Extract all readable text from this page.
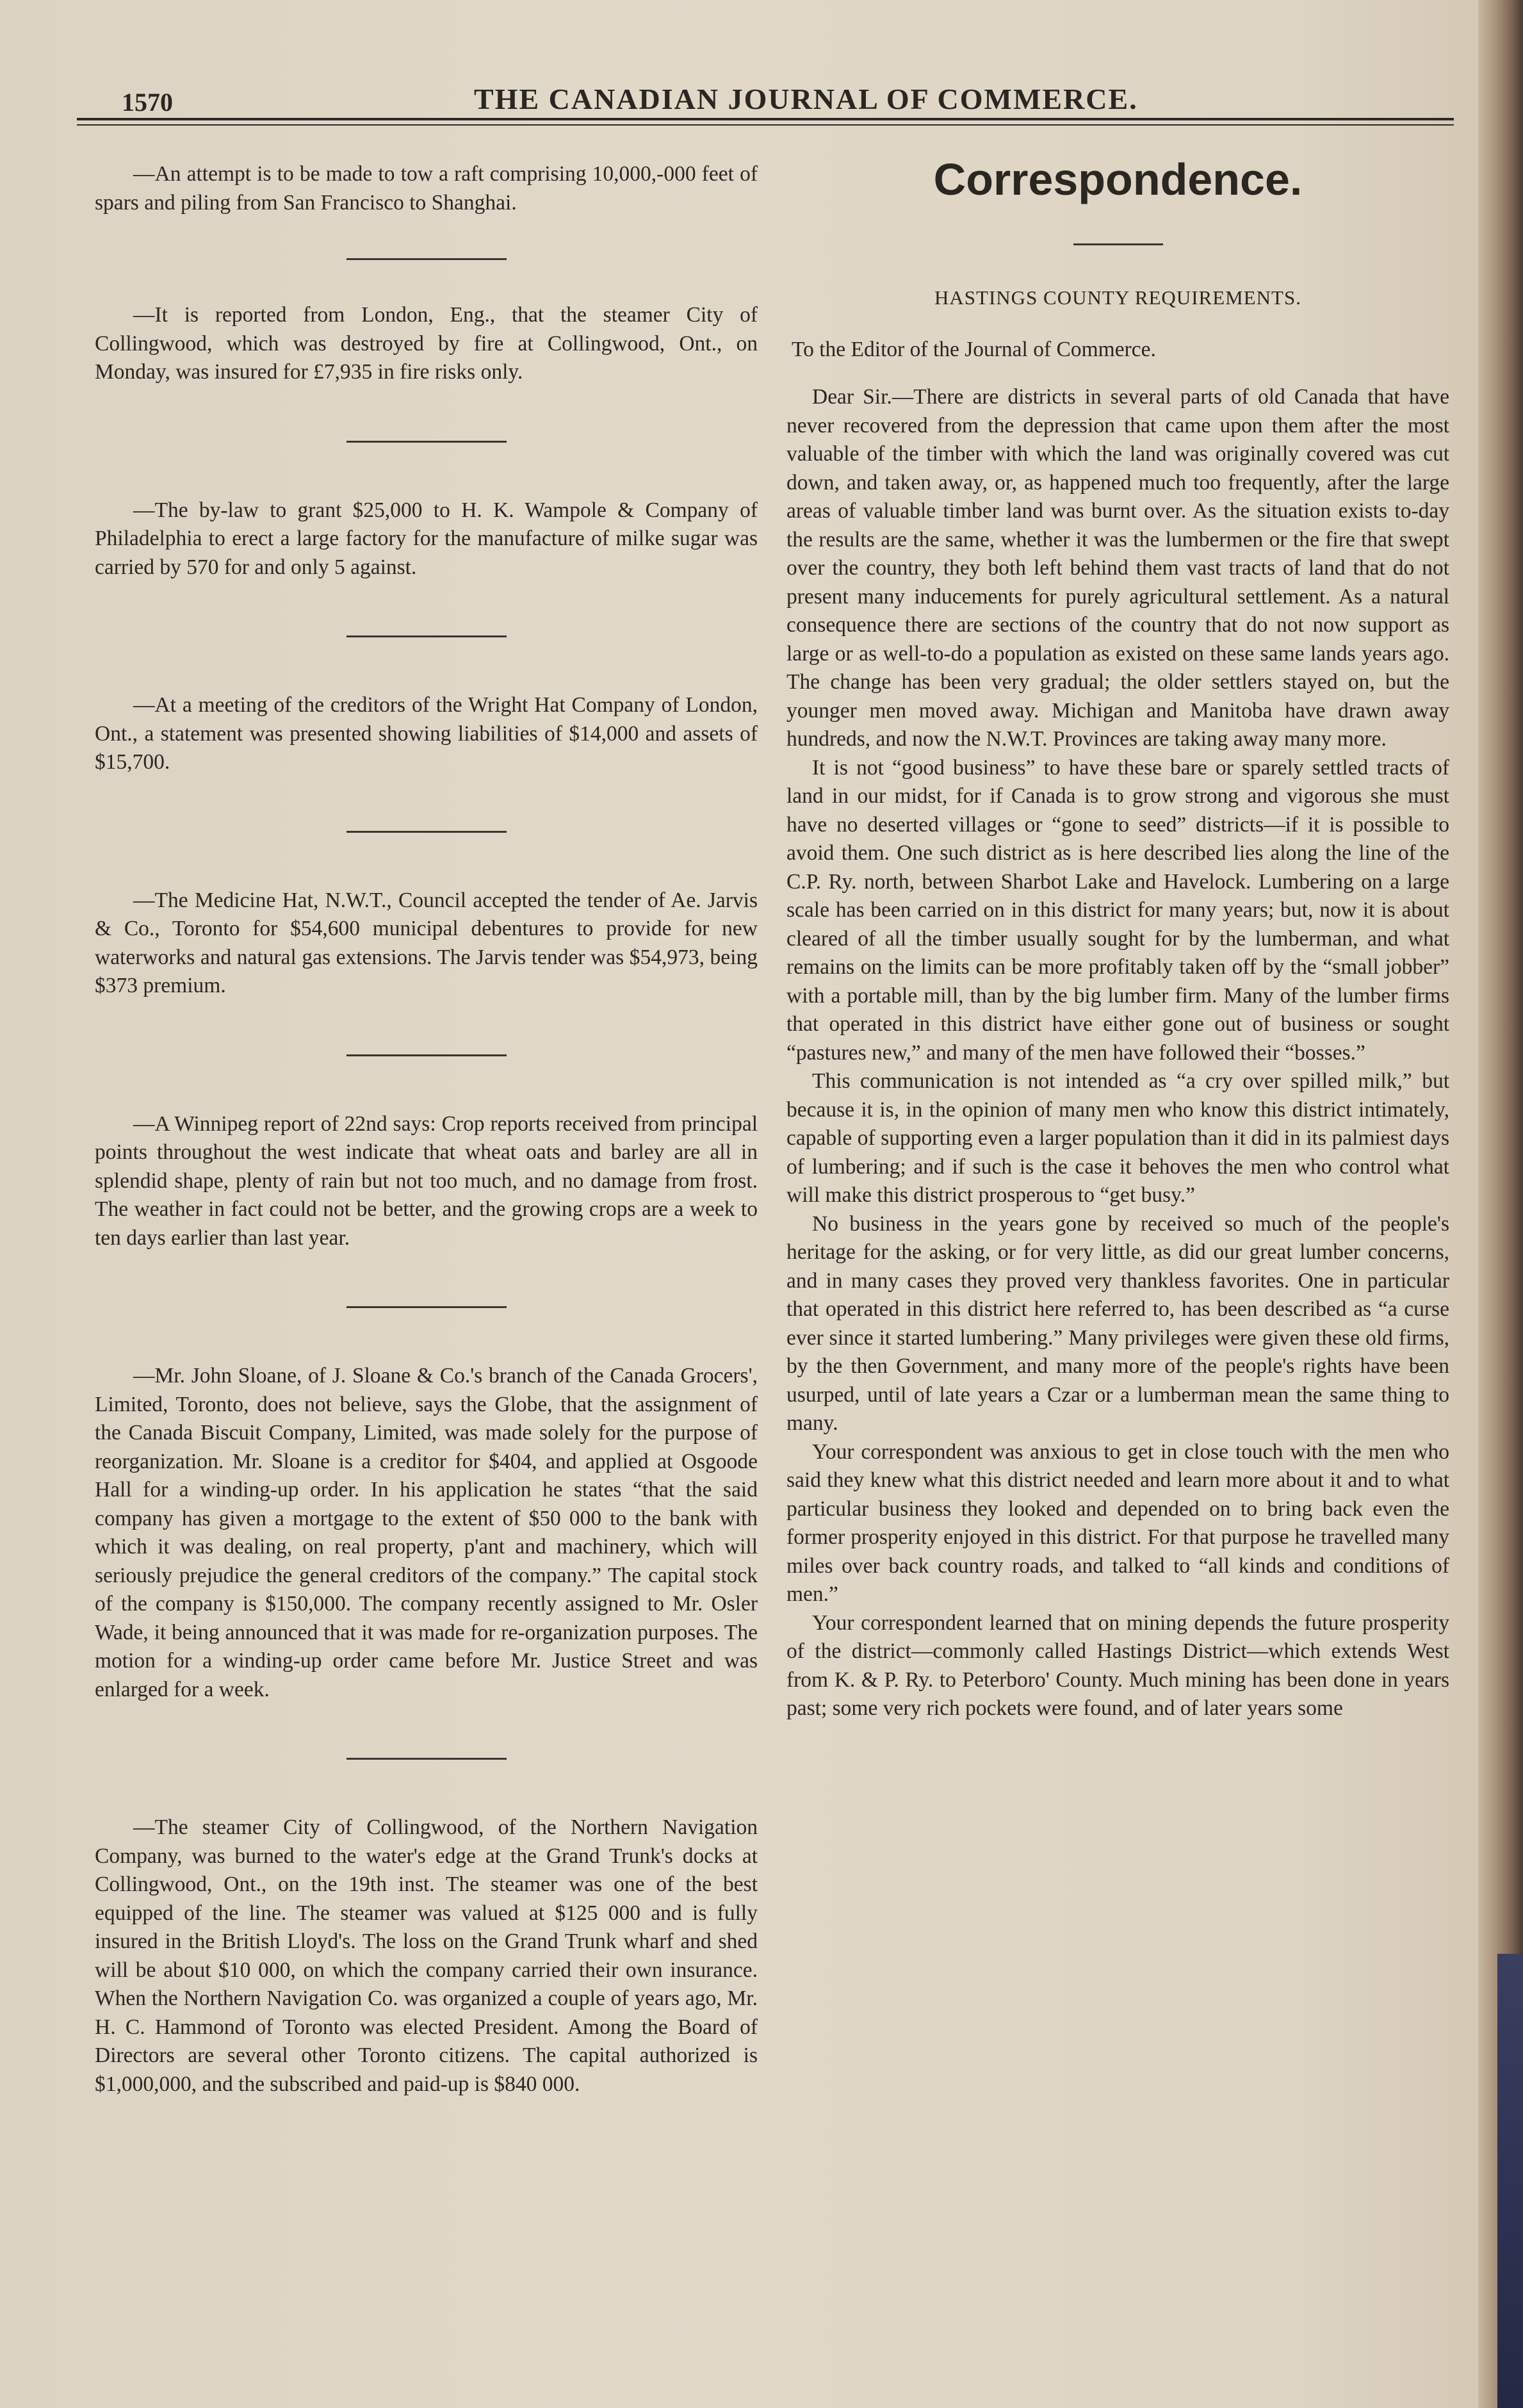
1570	THE CANADIAN JOURNAL OF COMMERCE.

—An attempt is to be made to tow a raft comprising 10,000,-000 feet of spars and piling from San Francisco to Shanghai.

—It is reported from London, Eng., that the steamer City of Collingwood, which was destroyed by fire at Collingwood, Ont., on Monday, was insured for £7,935 in fire risks only.

—The by-law to grant $25,000 to H. K. Wampole & Company of Philadelphia to erect a large factory for the manufacture of milke sugar was carried by 570 for and only 5 against.

—At a meeting of the creditors of the Wright Hat Company of London, Ont., a statement was presented showing liabilities of $14,000 and assets of $15,700.

—The Medicine Hat, N.W.T., Council accepted the tender of Ae. Jarvis & Co., Toronto for $54,600 municipal debentures to provide for new waterworks and natural gas extensions. The Jarvis tender was $54,973, being $373 premium.

—A Winnipeg report of 22nd says: Crop reports received from principal points throughout the west indicate that wheat oats and barley are all in splendid shape, plenty of rain but not too much, and no damage from frost. The weather in fact could not be better, and the growing crops are a week to ten days earlier than last year.

—Mr. John Sloane, of J. Sloane & Co.'s branch of the Canada Grocers', Limited, Toronto, does not believe, says the Globe, that the assignment of the Canada Biscuit Company, Limited, was made solely for the purpose of reorganization. Mr. Sloane is a creditor for $404, and applied at Osgoode Hall for a winding-up order. In his application he states “that the said company has given a mortgage to the extent of $50 000 to the bank with which it was dealing, on real property, p'ant and machinery, which will seriously prejudice the general creditors of the company.” The capital stock of the company is $150,000. The company recently assigned to Mr. Osler Wade, it being announced that it was made for re-organization purposes. The motion for a winding-up order came before Mr. Justice Street and was enlarged for a week.

—The steamer City of Collingwood, of the Northern Navigation Company, was burned to the water's edge at the Grand Trunk's docks at Collingwood, Ont., on the 19th inst. The steamer was one of the best equipped of the line. The steamer was valued at $125 000 and is fully insured in the British Lloyd's. The loss on the Grand Trunk wharf and shed will be about $10 000, on which the company carried their own insurance. When the Northern Navigation Co. was organized a couple of years ago, Mr. H. C. Hammond of Toronto was elected President. Among the Board of Directors are several other Toronto citizens. The capital authorized is $1,000,000, and the subscribed and paid-up is $840 000.

Correspondence.

HASTINGS COUNTY REQUIREMENTS.

To the Editor of the Journal of Commerce.

Dear Sir.—There are districts in several parts of old Canada that have never recovered from the depression that came upon them after the most valuable of the timber with which the land was originally covered was cut down, and taken away, or, as happened much too frequently, after the large areas of valuable timber land was burnt over. As the situation exists to-day the results are the same, whether it was the lumbermen or the fire that swept over the country, they both left behind them vast tracts of land that do not present many inducements for purely agricultural settlement. As a natural consequence there are sections of the country that do not now support as large or as well-to-do a population as existed on these same lands years ago. The change has been very gradual; the older settlers stayed on, but the younger men moved away. Michigan and Manitoba have drawn away hundreds, and now the N.W.T. Provinces are taking away many more.

It is not “good business” to have these bare or sparely settled tracts of land in our midst, for if Canada is to grow strong and vigorous she must have no deserted villages or “gone to seed” districts—if it is possible to avoid them. One such district as is here described lies along the line of the C.P. Ry. north, between Sharbot Lake and Havelock. Lumbering on a large scale has been carried on in this district for many years; but, now it is about cleared of all the timber usually sought for by the lumberman, and what remains on the limits can be more profitably taken off by the “small jobber” with a portable mill, than by the big lumber firm. Many of the lumber firms that operated in this district have either gone out of business or sought “pastures new,” and many of the men have followed their “bosses.”

This communication is not intended as “a cry over spilled milk,” but because it is, in the opinion of many men who know this district intimately, capable of supporting even a larger population than it did in its palmiest days of lumbering; and if such is the case it behoves the men who control what will make this district prosperous to “get busy.”

No business in the years gone by received so much of the people's heritage for the asking, or for very little, as did our great lumber concerns, and in many cases they proved very thankless favorites. One in particular that operated in this district here referred to, has been described as “a curse ever since it started lumbering.” Many privileges were given these old firms, by the then Government, and many more of the people's rights have been usurped, until of late years a Czar or a lumberman mean the same thing to many.

Your correspondent was anxious to get in close touch with the men who said they knew what this district needed and learn more about it and to what particular business they looked and depended on to bring back even the former prosperity enjoyed in this district. For that purpose he travelled many miles over back country roads, and talked to “all kinds and conditions of men.”

Your correspondent learned that on mining depends the future prosperity of the district—commonly called Hastings District—which extends West from K. & P. Ry. to Peterboro' County. Much mining has been done in years past; some very rich pockets were found, and of later years some
